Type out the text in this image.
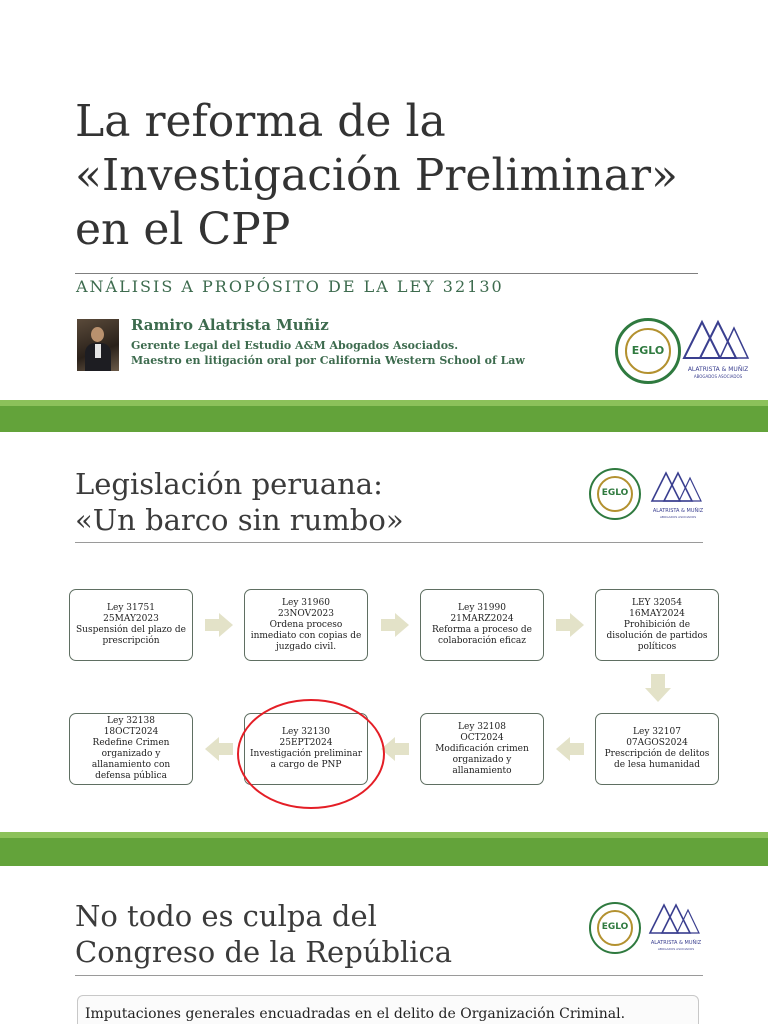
La reforma de la «Investigación Preliminar» en el CPP
ANÁLISIS A PROPÓSITO DE LA LEY 32130
Ramiro Alatrista Muñiz
Gerente Legal del Estudio A&M Abogados Asociados.
Maestro en litigación oral por California Western School of Law
EGLO
ALATRISTA & MUÑIZ
ABOGADOS ASOCIADOS
Legislación peruana:
«Un barco sin rumbo»
EGLO
ALATRISTA & MUÑIZ
ABOGADOS ASOCIADOS
Ley 31751
25MAY2023
Suspensión del plazo de prescripción
Ley 31960
23NOV2023
Ordena proceso inmediato con copias de juzgado civil.
Ley 31990
21MARZ2024
Reforma a proceso de colaboración eficaz
LEY 32054
16MAY2024
Prohibición de disolución de partidos políticos
Ley 32107
07AGOS2024
Prescripción de delitos de lesa humanidad
Ley 32108
OCT2024
Modificación crimen organizado y allanamiento
Ley 32130
25EPT2024
Investigación preliminar a cargo de PNP
Ley 32138
18OCT2024
Redefine Crimen organizado y allanamiento con defensa pública
No todo es culpa del
Congreso de la República
EGLO
ALATRISTA & MUÑIZ
ABOGADOS ASOCIADOS
Imputaciones generales encuadradas en el delito de Organización Criminal.
